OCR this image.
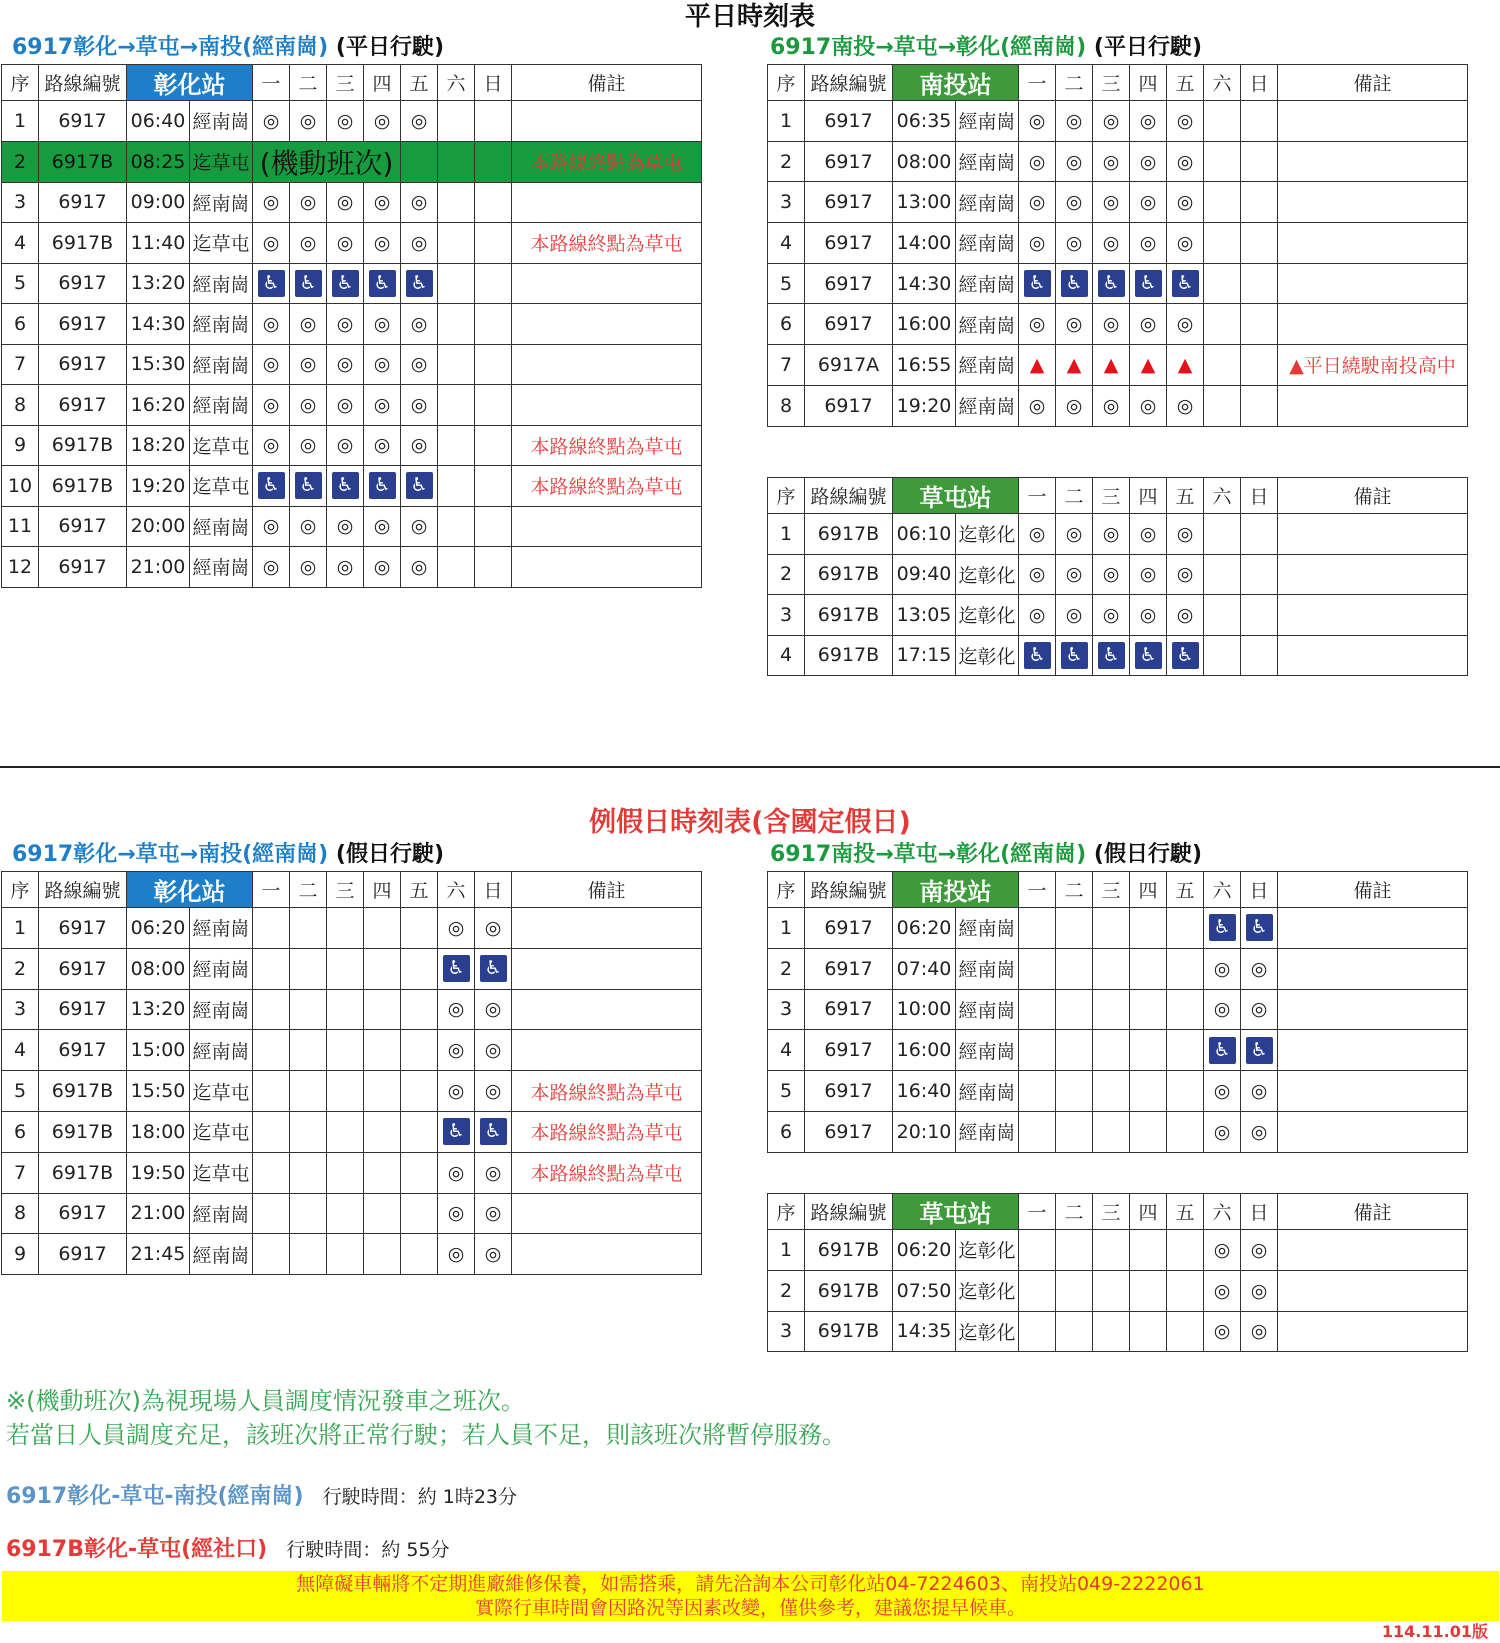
平日時刻表
6917彰化→草屯→南投(經南崗) (平日行駛)	6917南投→草屯→彰化(經南崗) (平日行駛)
序	路線編號	彰化站		一	二	三	四	五	六	日	備註
1	6917	06:40	經南崗	◎	◎	◎	◎	◎			
2	6917B	08:25	迄草屯	(機動班次)							本路線終點為草屯
3	6917	09:00	經南崗	◎	◎	◎	◎	◎			
4	6917B	11:40	迄草屯	◎	◎	◎	◎	◎			本路線終點為草屯
5	6917	13:20	經南崗	♿	♿	♿	♿	♿			
6	6917	14:30	經南崗	◎	◎	◎	◎	◎			
7	6917	15:30	經南崗	◎	◎	◎	◎	◎			
8	6917	16:20	經南崗	◎	◎	◎	◎	◎			
9	6917B	18:20	迄草屯	◎	◎	◎	◎	◎			本路線終點為草屯
10	6917B	19:20	迄草屯	♿	♿	♿	♿	♿			本路線終點為草屯
11	6917	20:00	經南崗	◎	◎	◎	◎	◎			
12	6917	21:00	經南崗	◎	◎	◎	◎	◎			
序	路線編號	南投站		一	二	三	四	五	六	日	備註
1	6917	06:35	經南崗	◎	◎	◎	◎	◎			
2	6917	08:00	經南崗	◎	◎	◎	◎	◎			
3	6917	13:00	經南崗	◎	◎	◎	◎	◎			
4	6917	14:00	經南崗	◎	◎	◎	◎	◎			
5	6917	14:30	經南崗	♿	♿	♿	♿	♿			
6	6917	16:00	經南崗	◎	◎	◎	◎	◎			
7	6917A	16:55	經南崗	▲	▲	▲	▲	▲			▲平日繞駛南投高中
8	6917	19:20	經南崗	◎	◎	◎	◎	◎			
序	路線編號	草屯站		一	二	三	四	五	六	日	備註
1	6917B	06:10	迄彰化	◎	◎	◎	◎	◎			
2	6917B	09:40	迄彰化	◎	◎	◎	◎	◎			
3	6917B	13:05	迄彰化	◎	◎	◎	◎	◎			
4	6917B	17:15	迄彰化	♿	♿	♿	♿	♿			
例假日時刻表(含國定假日)
6917彰化→草屯→南投(經南崗) (假日行駛)	6917南投→草屯→彰化(經南崗) (假日行駛)
序	路線編號	彰化站		一	二	三	四	五	六	日	備註
1	6917	06:20	經南崗						◎	◎	
2	6917	08:00	經南崗						♿	♿	
3	6917	13:20	經南崗						◎	◎	
4	6917	15:00	經南崗						◎	◎	
5	6917B	15:50	迄草屯						◎	◎	本路線終點為草屯
6	6917B	18:00	迄草屯						♿	♿	本路線終點為草屯
7	6917B	19:50	迄草屯						◎	◎	本路線終點為草屯
8	6917	21:00	經南崗						◎	◎	
9	6917	21:45	經南崗						◎	◎	
序	路線編號	南投站		一	二	三	四	五	六	日	備註
1	6917	06:20	經南崗						♿	♿	
2	6917	07:40	經南崗						◎	◎	
3	6917	10:00	經南崗						◎	◎	
4	6917	16:00	經南崗						♿	♿	
5	6917	16:40	經南崗						◎	◎	
6	6917	20:10	經南崗						◎	◎	
序	路線編號	草屯站		一	二	三	四	五	六	日	備註
1	6917B	06:20	迄彰化						◎	◎	
2	6917B	07:50	迄彰化						◎	◎	
3	6917B	14:35	迄彰化						◎	◎	
※(機動班次)為視現場人員調度情況發車之班次。
若當日人員調度充足，該班次將正常行駛；若人員不足，則該班次將暫停服務。
6917彰化-草屯-南投(經南崗) 行駛時間：約 1時23分
6917B彰化-草屯(經社口) 行駛時間：約 55分
無障礙車輛將不定期進廠維修保養，如需搭乘，請先洽詢本公司彰化站04-7224603、南投站049-2222061
實際行車時間會因路況等因素改變，僅供參考，建議您提早候車。
114.11.01版
